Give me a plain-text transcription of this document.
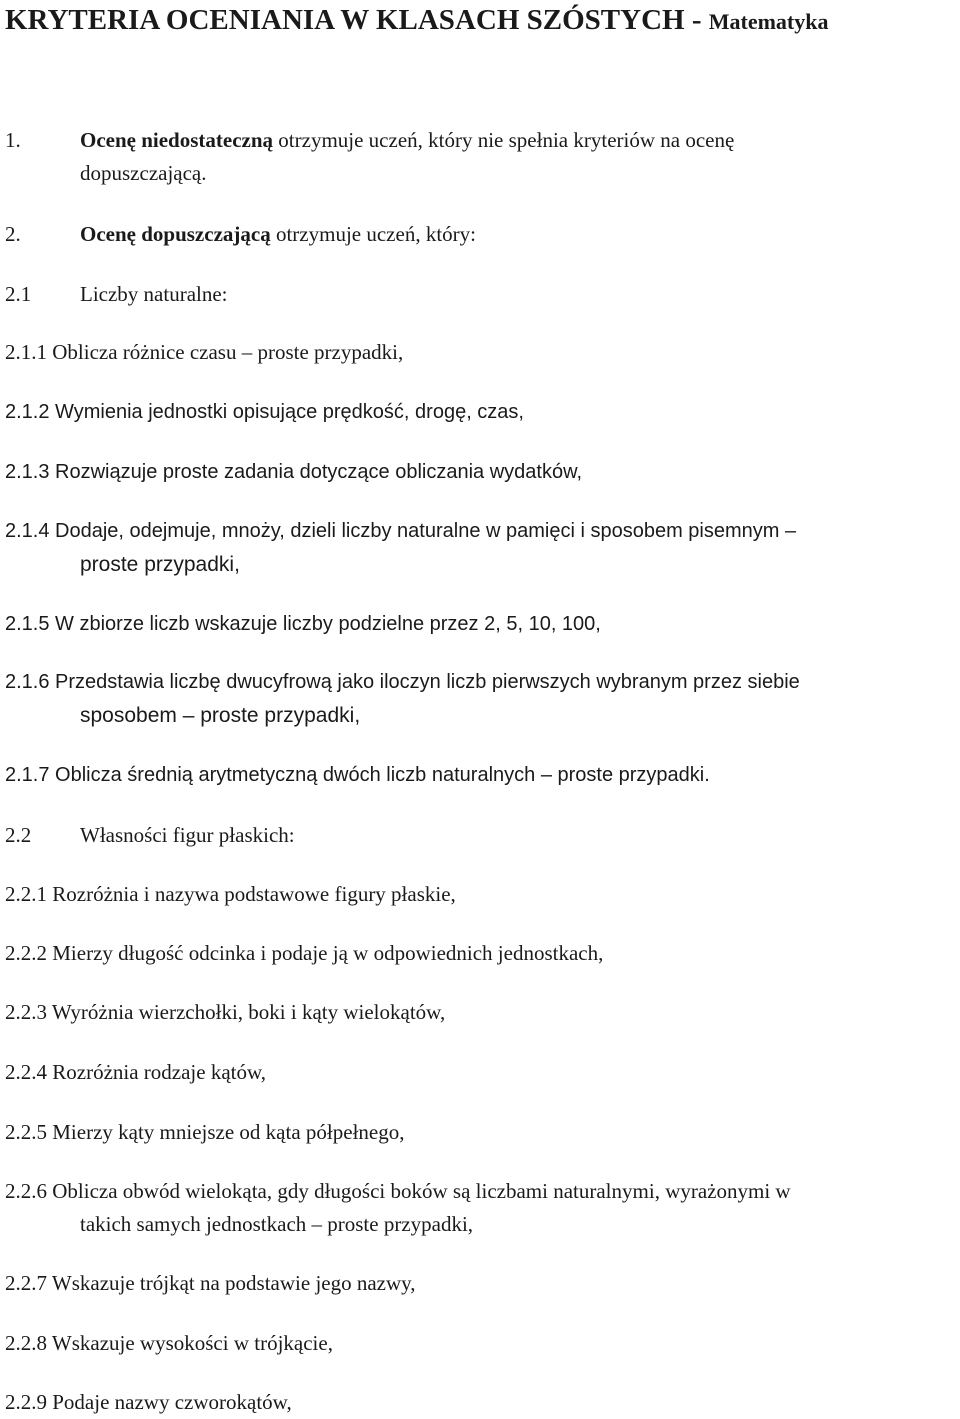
KRYTERIA OCENIANIA W KLASACH SZÓSTYCH - Matematyka

1.	Ocenę niedostateczną otrzymuje uczeń, który nie spełnia kryteriów na ocenę

dopuszczającą.

2.	Ocenę dopuszczającą otrzymuje uczeń, który:

2.1 Liczby naturalne:

2.1.1 Oblicza różnice czasu – proste przypadki,

2.1.2 Wymienia jednostki opisujące prędkość, drogę, czas,

2.1.3 Rozwiązuje proste zadania dotyczące obliczania wydatków,

2.1.4 Dodaje, odejmuje, mnoży, dzieli liczby naturalne w pamięci i sposobem pisemnym –

proste przypadki,

2.1.5 W zbiorze liczb wskazuje liczby podzielne przez 2, 5, 10, 100,

2.1.6 Przedstawia liczbę dwucyfrową jako iloczyn liczb pierwszych wybranym przez siebie

sposobem – proste przypadki,

2.1.7 Oblicza średnią arytmetyczną dwóch liczb naturalnych – proste przypadki.

2.2 Własności figur płaskich:

2.2.1 Rozróżnia i nazywa podstawowe figury płaskie,

2.2.2 Mierzy długość odcinka i podaje ją w odpowiednich jednostkach,

2.2.3 Wyróżnia wierzchołki, boki i kąty wielokątów,

2.2.4 Rozróżnia rodzaje kątów,

2.2.5 Mierzy kąty mniejsze od kąta półpełnego,

2.2.6 Oblicza obwód wielokąta, gdy długości boków są liczbami naturalnymi, wyrażonymi w

takich samych jednostkach – proste przypadki,

2.2.7 Wskazuje trójkąt na podstawie jego nazwy,

2.2.8 Wskazuje wysokości w trójkącie,

2.2.9 Podaje nazwy czworokątów,
